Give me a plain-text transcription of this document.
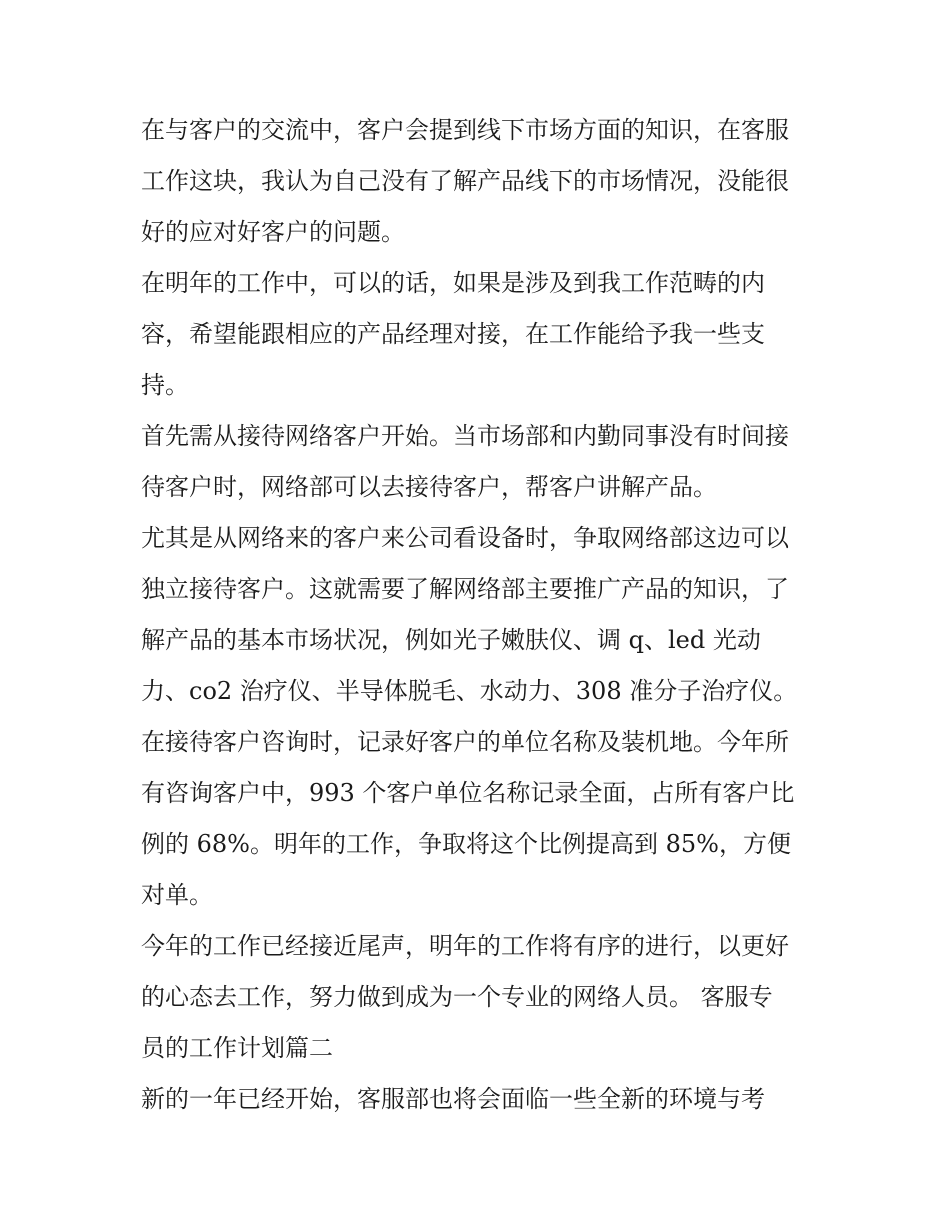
在与客户的交流中，客户会提到线下市场方面的知识，在客服
工作这块，我认为自己没有了解产品线下的市场情况，没能很
好的应对好客户的问题。
在明年的工作中，可以的话，如果是涉及到我工作范畴的内
容，希望能跟相应的产品经理对接，在工作能给予我一些支
持。
首先需从接待网络客户开始。当市场部和内勤同事没有时间接
待客户时，网络部可以去接待客户，帮客户讲解产品。
尤其是从网络来的客户来公司看设备时，争取网络部这边可以
独立接待客户。这就需要了解网络部主要推广产品的知识，了
解产品的基本市场状况，例如光子嫩肤仪、调 q、led 光动
力、co2 治疗仪、半导体脱毛、水动力、308 准分子治疗仪。
在接待客户咨询时，记录好客户的单位名称及装机地。今年所
有咨询客户中，993 个客户单位名称记录全面，占所有客户比
例的 68%。明年的工作，争取将这个比例提高到 85%，方便
对单。
今年的工作已经接近尾声，明年的工作将有序的进行，以更好
的心态去工作，努力做到成为一个专业的网络人员。 客服专
员的工作计划篇二
新的一年已经开始，客服部也将会面临一些全新的环境与考
